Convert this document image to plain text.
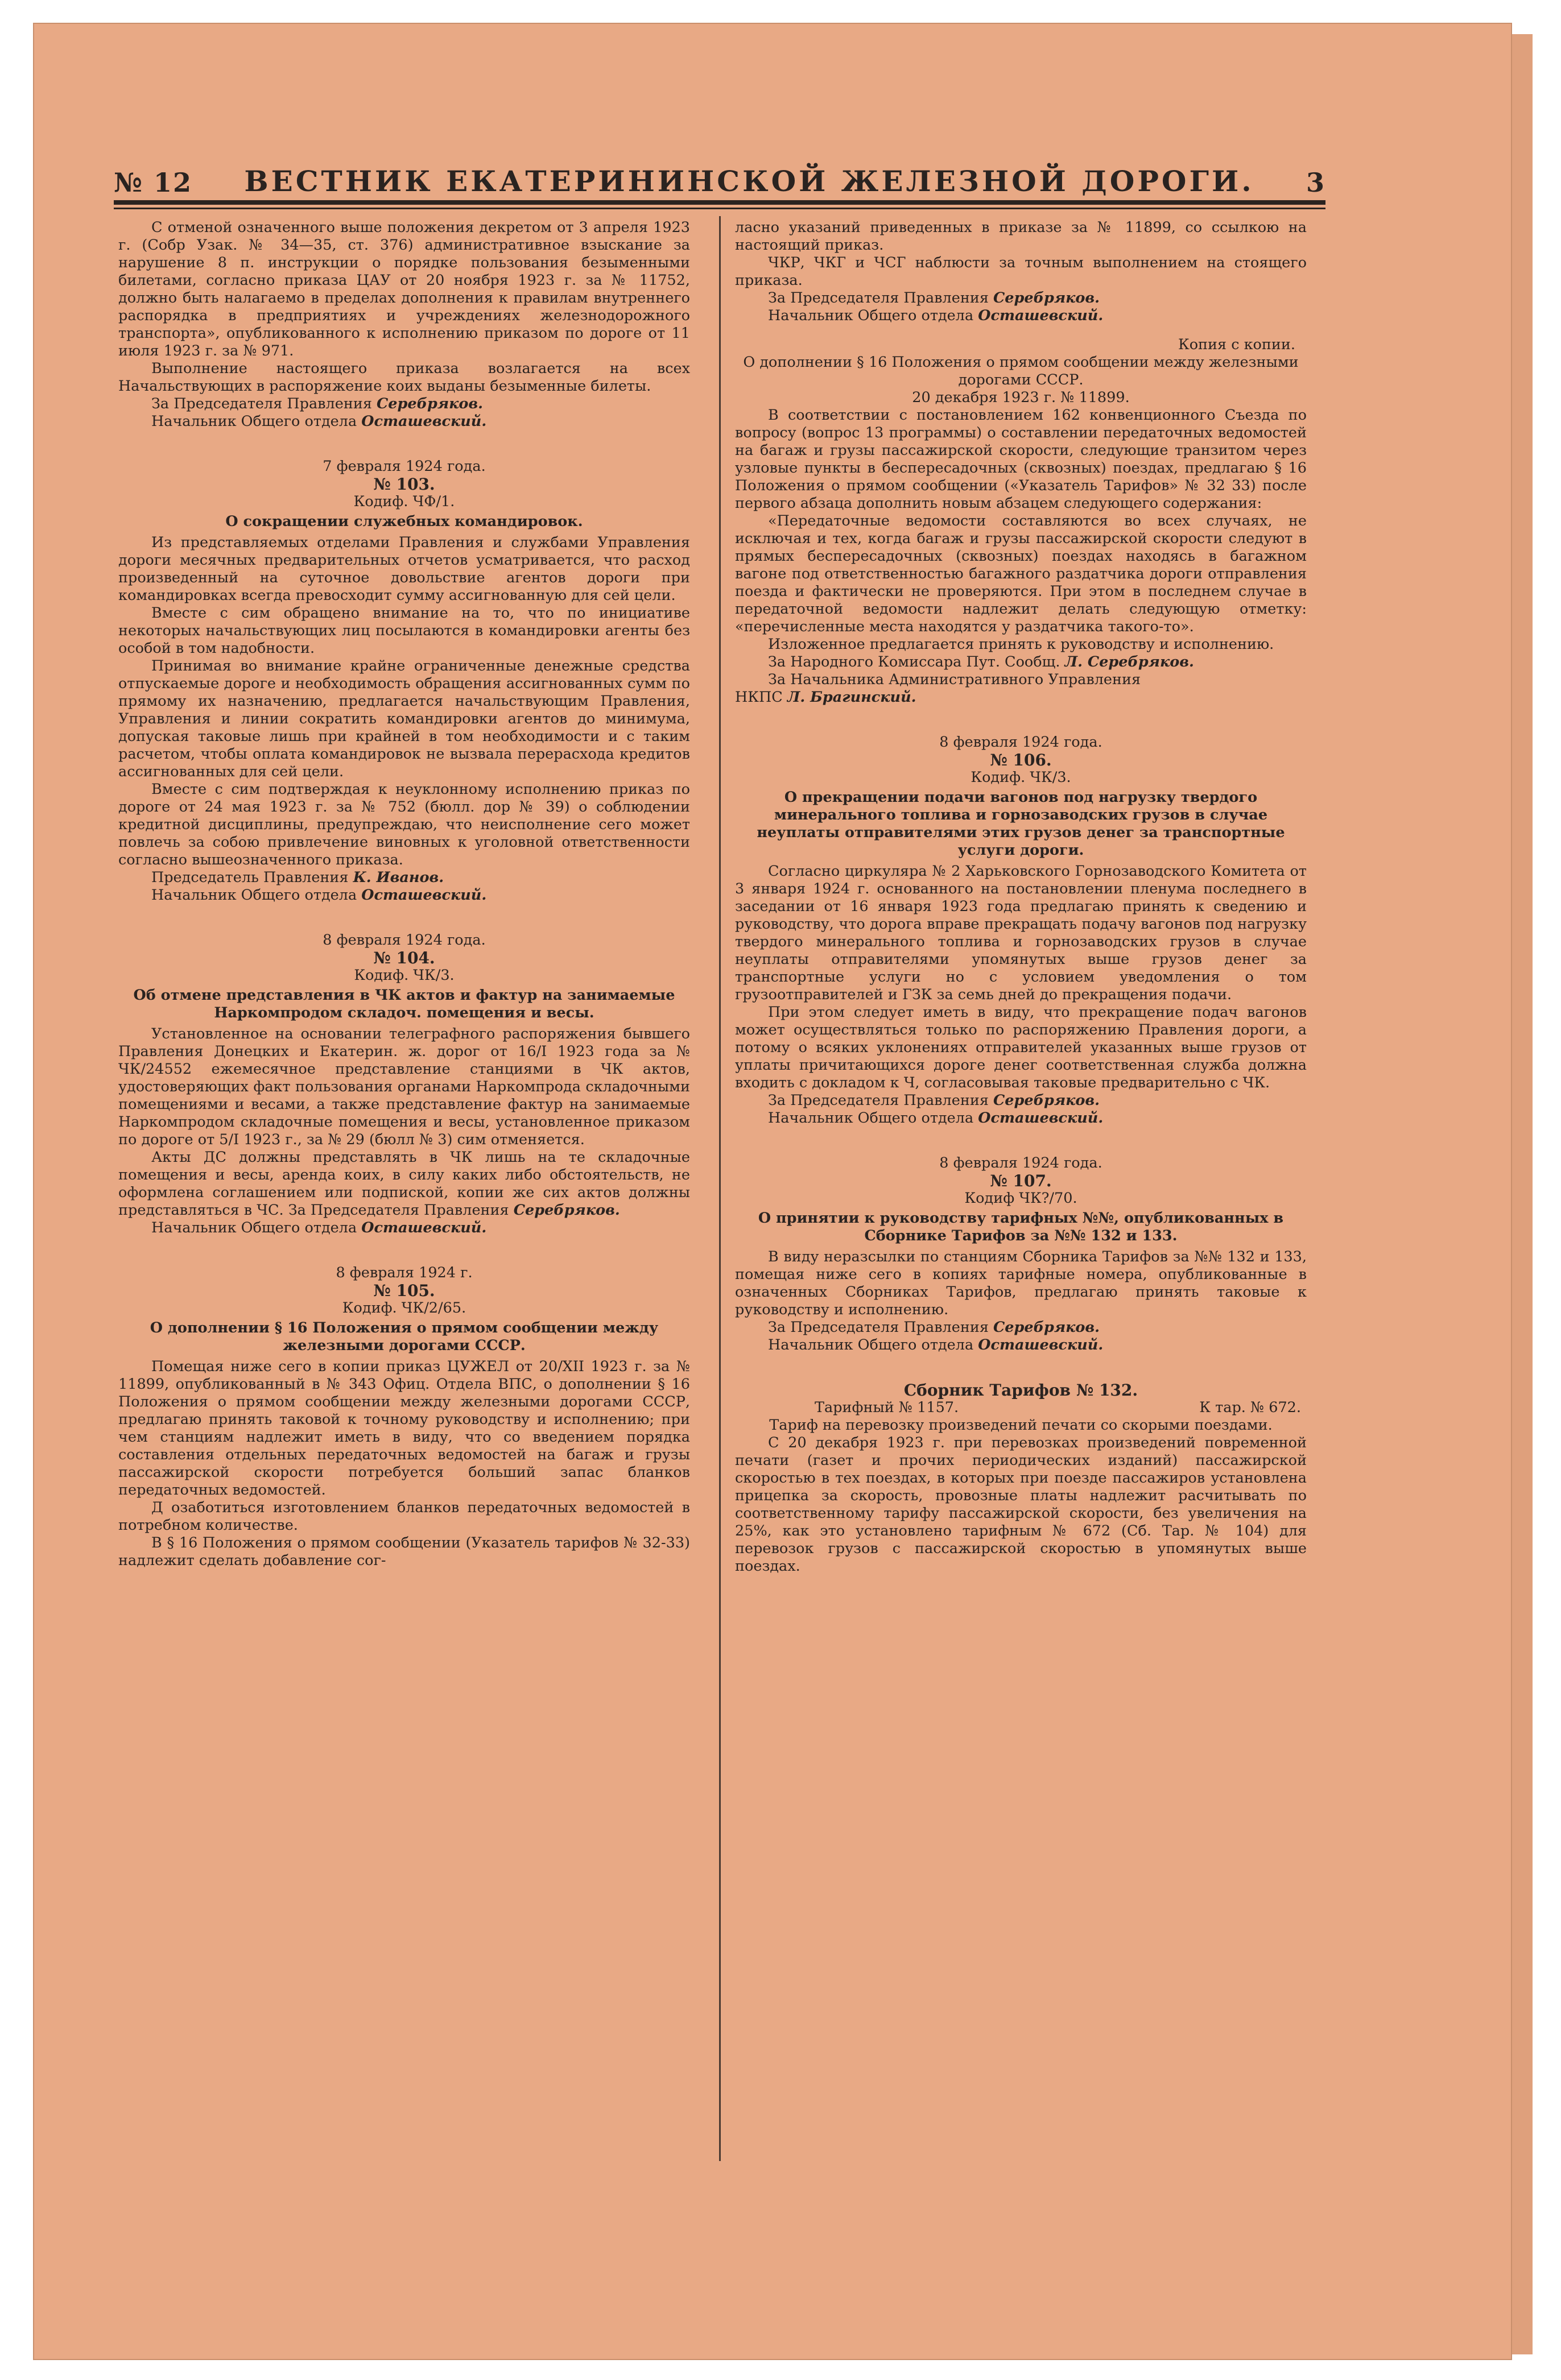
№ 12 ВЕСТНИК ЕКАТЕРИНИНСКОЙ ЖЕЛЕЗНОЙ ДОРОГИ. 3

С отменой означенного выше положения декретом от 3 апреля 1923 г. (Собр Узак. № 34—35, ст. 376) административное взыскание за нарушение 8 п. инструкции о порядке пользования безыменными билетами, согласно приказа ЦАУ от 20 ноября 1923 г. за № 11752, должно быть налагаемо в пределах дополнения к правилам внутреннего распорядка в предприятиях и учреждениях железнодорожного транспорта», опубликованного к исполнению приказом по дороге от 11 июля 1923 г. за № 971.

Выполнение настоящего приказа возлагается на всех Начальствующих в распоряжение коих выданы безыменные билеты.

За Председателя Правления Серебряков.
Начальник Общего отдела Осташевский.
7 февраля 1924 года.
№ 103.
Кодиф. ЧФ/1.
О сокращении служебных командировок.

Из представляемых отделами Правления и службами Управления дороги месячных предварительных отчетов усматривается, что расход произведенный на суточное довольствие агентов дороги при командировках всегда превосходит сумму ассигнованную для сей цели.

Вместе с сим обращено внимание на то, что по инициативе некоторых начальствующих лиц посылаются в командировки агенты без особой в том надобности.

Принимая во внимание крайне ограниченные денежные средства отпускаемые дороге и необходимость обращения ассигнованных сумм по прямому их назначению, предлагается начальствующим Правления, Управления и линии сократить командировки агентов до минимума, допуская таковые лишь при крайней в том необходимости и с таким расчетом, чтобы оплата командировок не вызвала перерасхода кредитов ассигнованных для сей цели.

Вместе с сим подтверждая к неуклонному исполнению приказ по дороге от 24 мая 1923 г. за № 752 (бюлл. дор № 39) о соблюдении кредитной дисциплины, предупреждаю, что неисполнение сего может повлечь за собою привлечение виновных к уголовной ответственности согласно вышеозначенного приказа.

Председатель Правления К. Иванов.
Начальник Общего отдела Осташевский.
8 февраля 1924 года.
№ 104.
Кодиф. ЧК/3.
Об отмене представления в ЧК актов и фактур на занимаемые Наркомпродом складоч. помещения и весы.

Установленное на основании телеграфного распоряжения бывшего Правления Донецких и Екатерин. ж. дорог от 16/I 1923 года за № ЧК/24552 ежемесячное представление станциями в ЧК актов, удостоверяющих факт пользования органами Наркомпрода складочными помещениями и весами, а также представление фактур на занимаемые Наркомпродом складочные помещения и весы, установленное приказом по дороге от 5/I 1923 г., за № 29 (бюлл № 3) сим отменяется.

Акты ДС должны представлять в ЧК лишь на те складочные помещения и весы, аренда коих, в силу каких либо обстоятельств, не оформлена соглашением или подпиской, копии же сих актов должны представляться в ЧС. За Председателя Правления Серебряков.

Начальник Общего отдела Осташевский.
8 февраля 1924 г.
№ 105.
Кодиф. ЧК/2/65.
О дополнении § 16 Положения о прямом сообщении между железными дорогами СССР.

Помещая ниже сего в копии приказ ЦУЖЕЛ от 20/XII 1923 г. за № 11899, опубликованный в № 343 Офиц. Отдела ВПС, о дополнении § 16 Положения о прямом сообщении между железными дорогами СССР, предлагаю принять таковой к точному руководству и исполнению; при чем станциям надлежит иметь в виду, что со введением порядка составления отдельных передаточных ведомостей на багаж и грузы пассажирской скорости потребуется больший запас бланков передаточных ведомостей.

Д озаботиться изготовлением бланков передаточных ведомостей в потребном количестве.

В § 16 Положения о прямом сообщении (Указатель тарифов № 32-33) надлежит сделать добавление сог-

ласно указаний приведенных в приказе за № 11899, со ссылкою на настоящий приказ.

ЧКР, ЧКГ и ЧСГ наблюсти за точным выполнением на стоящего приказа.

За Председателя Правления Серебряков.
Начальник Общего отдела Осташевский.
Копия с копии.
О дополнении § 16 Положения о прямом сообщении между железными дорогами СССР.
20 декабря 1923 г. № 11899.

В соответствии с постановлением 162 конвенционного Съезда по вопросу (вопрос 13 программы) о составлении передаточных ведомостей на багаж и грузы пассажирской скорости, следующие транзитом через узловые пункты в беспересадочных (сквозных) поездах, предлагаю § 16 Положения о прямом сообщении («Указатель Тарифов» № 32 33) после первого абзаца дополнить новым абзацем следующего содержания:

«Передаточные ведомости составляются во всех случаях, не исключая и тех, когда багаж и грузы пассажирской скорости следуют в прямых беспересадочных (сквозных) поездах находясь в багажном вагоне под ответственностью багажного раздатчика дороги отправления поезда и фактически не проверяются. При этом в последнем случае в передаточной ведомости надлежит делать следующую отметку: «перечисленные места находятся у раздатчика такого-то».

Изложенное предлагается принять к руководству и исполнению.

За Народного Комиссара Пут. Сообщ. Л. Серебряков.
За Начальника Административного Управления
НКПС Л. Брагинский.
8 февраля 1924 года.
№ 106.
Кодиф. ЧК/3.
О прекращении подачи вагонов под нагрузку твердого минерального топлива и горнозаводских грузов в случае неуплаты отправителями этих грузов денег за транспортные услуги дороги.

Согласно циркуляра № 2 Харьковского Горнозаводского Комитета от 3 января 1924 г. основанного на постановлении пленума последнего в заседании от 16 января 1923 года предлагаю принять к сведению и руководству, что дорога вправе прекращать подачу вагонов под нагрузку твердого минерального топлива и горнозаводских грузов в случае неуплаты отправителями упомянутых выше грузов денег за транспортные услуги но с условием уведомления о том грузоотправителей и ГЗК за семь дней до прекращения подачи.

При этом следует иметь в виду, что прекращение подач вагонов может осуществляться только по распоряжению Правления дороги, а потому о всяких уклонениях отправителей указанных выше грузов от уплаты причитающихся дороге денег соответственная служба должна входить с докладом к Ч, согласовывая таковые предварительно с ЧК.

За Председателя Правления Серебряков.
Начальник Общего отдела Осташевский.
8 февраля 1924 года.
№ 107.
Кодиф ЧК?/70.
О принятии к руководству тарифных №№, опубликованных в Сборнике Тарифов за №№ 132 и 133.

В виду неразсылки по станциям Сборника Тарифов за №№ 132 и 133, помещая ниже сего в копиях тарифные номера, опубликованные в означенных Сборниках Тарифов, предлагаю принять таковые к руководству и исполнению.

За Председателя Правления Серебряков.
Начальник Общего отдела Осташевский.
Сборник Тарифов № 132.
Тарифный № 1157.	К тар. № 672.
Тариф на перевозку произведений печати со скорыми поездами.

С 20 декабря 1923 г. при перевозках произведений повременной печати (газет и прочих периодических изданий) пассажирской скоростью в тех поездах, в которых при поезде пассажиров установлена прицепка за скорость, провозные платы надлежит расчитывать по соответственному тарифу пассажирской скорости, без увеличения на 25%, как это установлено тарифным № 672 (Сб. Тар. № 104) для перевозок грузов с пассажирской скоростью в упомянутых выше поездах.
